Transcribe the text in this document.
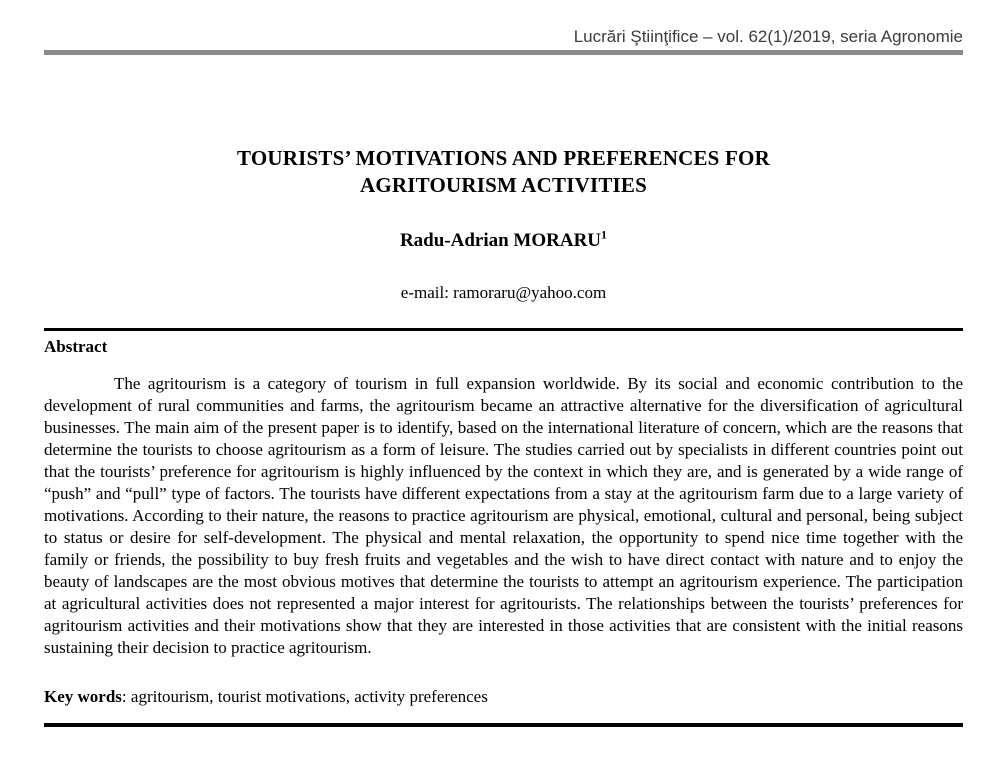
Lucrări Ştiinţifice – vol. 62(1)/2019, seria Agronomie
TOURISTS’ MOTIVATIONS AND PREFERENCES FOR AGRITOURISM ACTIVITIES
Radu-Adrian MORARU$^1$
e-mail: ramoraru@yahoo.com
Abstract

The agritourism is a category of tourism in full expansion worldwide. By its social and economic contribution to the development of rural communities and farms, the agritourism became an attractive alternative for the diversification of agricultural businesses. The main aim of the present paper is to identify, based on the international literature of concern, which are the reasons that determine the tourists to choose agritourism as a form of leisure. The studies carried out by specialists in different countries point out that the tourists’ preference for agritourism is highly influenced by the context in which they are, and is generated by a wide range of “push” and “pull” type of factors. The tourists have different expectations from a stay at the agritourism farm due to a large variety of motivations. According to their nature, the reasons to practice agritourism are physical, emotional, cultural and personal, being subject to status or desire for self-development. The physical and mental relaxation, the opportunity to spend nice time together with the family or friends, the possibility to buy fresh fruits and vegetables and the wish to have direct contact with nature and to enjoy the beauty of landscapes are the most obvious motives that determine the tourists to attempt an agritourism experience. The participation at agricultural activities does not represented a major interest for agritourists. The relationships between the tourists’ preferences for agritourism activities and their motivations show that they are interested in those activities that are consistent with the initial reasons sustaining their decision to practice agritourism.

Key words: agritourism, tourist motivations, activity preferences
